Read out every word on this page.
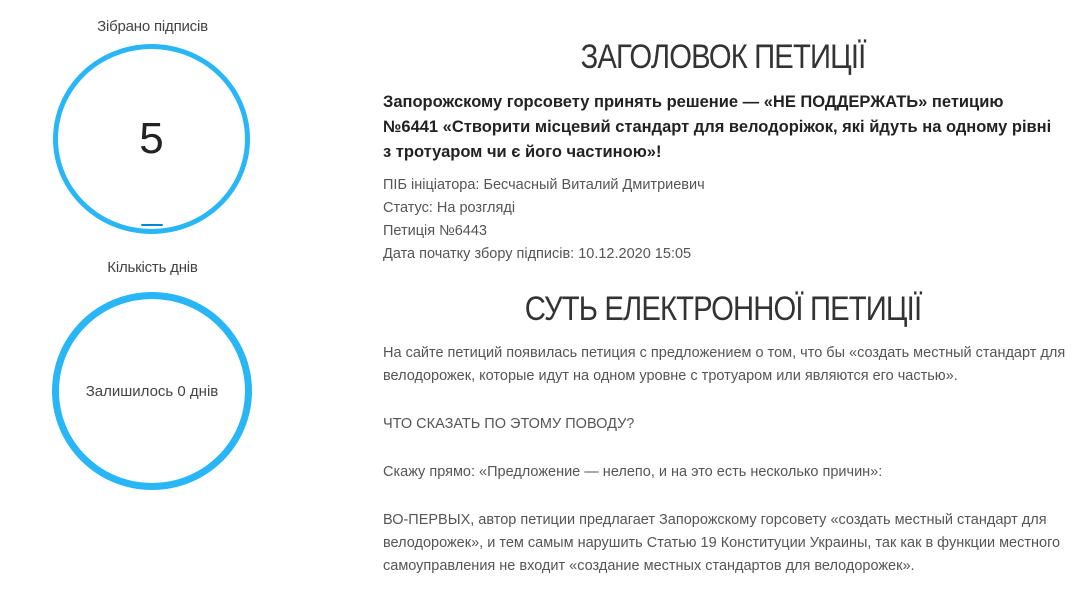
Зібрано підписів
5
Кількість днів
Залишилось 0 днів
ЗАГОЛОВОК ПЕТИЦІЇ
Запорожскому горсовету принять решение — «НЕ ПОДДЕРЖАТЬ» петицию №6441 «Створити місцевий стандарт для велодоріжок, які йдуть на одному рівні з тротуаром чи є його частиною»!
ПІБ ініціатора: Бесчасный Виталий Дмитриевич
Статус: На розгляді
Петиція №6443
Дата початку збору підписів: 10.12.2020 15:05
СУТЬ ЕЛЕКТРОННОЇ ПЕТИЦІЇ

На сайте петиций появилась петиция с предложением о том, что бы «создать местный стандарт для велодорожек, которые идут на одном уровне с тротуаром или являются его частью».

ЧТО СКАЗАТЬ ПО ЭТОМУ ПОВОДУ?

Скажу прямо: «Предложение — нелепо, и на это есть несколько причин»:

ВО-ПЕРВЫХ, автор петиции предлагает Запорожскому горсовету «создать местный стандарт для велодорожек», и тем самым нарушить Статью 19 Конституции Украины, так как в функции местного самоуправления не входит «создание местных стандартов для велодорожек».
